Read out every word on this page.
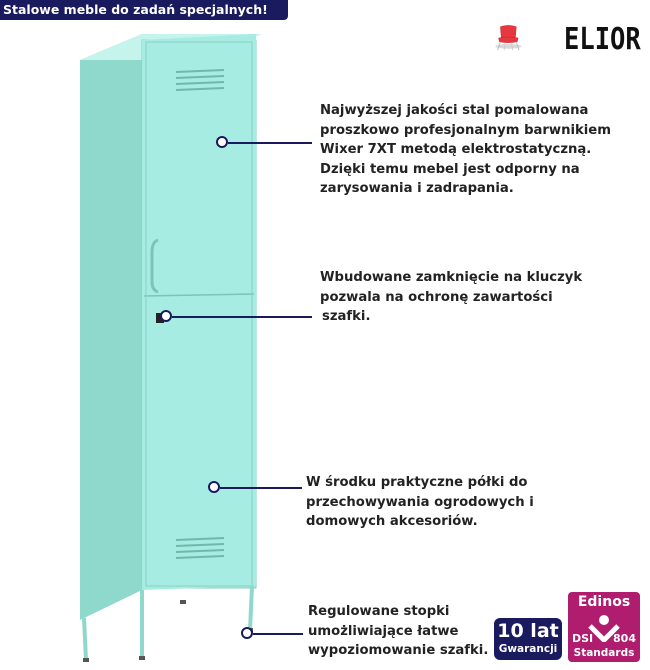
Stalowe meble do zadań specjalnych!
ELIOR
Najwyższej jakości stal pomalowana
proszkowo profesjonalnym barwnikiem
Wixer 7XT metodą elektrostatyczną.
Dzięki temu mebel jest odporny na
zarysowania i zadrapania.
Wbudowane zamknięcie na kluczyk
pozwala na ochronę zawartości
szafki.
W środku praktyczne półki do
przechowywania ogrodowych i
domowych akcesoriów.
Regulowane stopki
umożliwiające łatwe
wypoziomowanie szafki.
10 lat
Gwarancji
Edinos
DSI 804
Standards
